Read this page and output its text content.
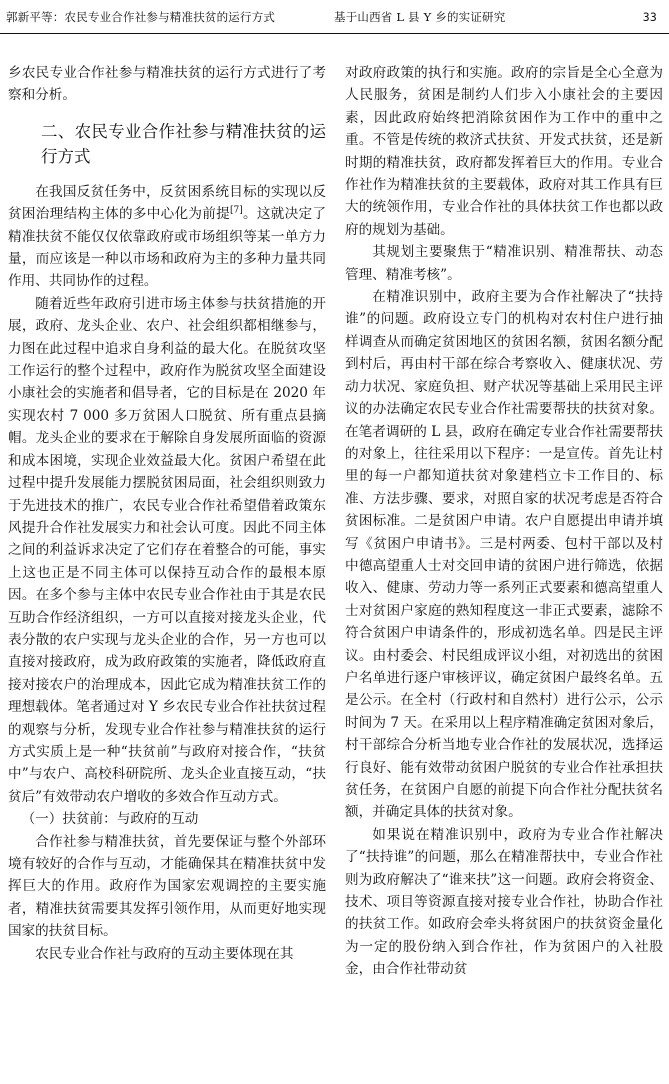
郭新平等：农民专业合作社参与精准扶贫的运行方式	基于山西省 L 县 Y 乡的实证研究	33

乡农民专业合作社参与精准扶贫的运行方式进行了考察和分析。

二、农民专业合作社参与精准扶贫的运行方式

在我国反贫任务中，反贫困系统目标的实现以反贫困治理结构主体的多中心化为前提[7]。这就决定了精准扶贫不能仅仅依靠政府或市场组织等某一单方力量，而应该是一种以市场和政府为主的多种力量共同作用、共同协作的过程。

随着近些年政府引进市场主体参与扶贫措施的开展，政府、龙头企业、农户、社会组织都相继参与，力图在此过程中追求自身利益的最大化。在脱贫攻坚工作运行的整个过程中，政府作为脱贫攻坚全面建设小康社会的实施者和倡导者，它的目标是在 2020 年实现农村 7 000 多万贫困人口脱贫、所有重点县摘帽。龙头企业的要求在于解除自身发展所面临的资源和成本困境，实现企业效益最大化。贫困户希望在此过程中提升发展能力摆脱贫困局面，社会组织则致力于先进技术的推广，农民专业合作社希望借着政策东风提升合作社发展实力和社会认可度。因此不同主体之间的利益诉求决定了它们存在着整合的可能，事实上这也正是不同主体可以保持互动合作的最根本原因。在多个参与主体中农民专业合作社由于其是农民互助合作经济组织，一方可以直接对接龙头企业，代表分散的农户实现与龙头企业的合作，另一方也可以直接对接政府，成为政府政策的实施者，降低政府直接对接农户的治理成本，因此它成为精准扶贫工作的理想载体。笔者通过对 Y 乡农民专业合作社扶贫过程的观察与分析，发现专业合作社参与精准扶贫的运行方式实质上是一种“扶贫前”与政府对接合作，“扶贫中”与农户、高校科研院所、龙头企业直接互动，“扶贫后”有效带动农户增收的多效合作互动方式。

（一）扶贫前：与政府的互动

合作社参与精准扶贫，首先要保证与整个外部环境有较好的合作与互动，才能确保其在精准扶贫中发挥巨大的作用。政府作为国家宏观调控的主要实施者，精准扶贫需要其发挥引领作用，从而更好地实现国家的扶贫目标。

农民专业合作社与政府的互动主要体现在其

对政府政策的执行和实施。政府的宗旨是全心全意为人民服务，贫困是制约人们步入小康社会的主要因素，因此政府始终把消除贫困作为工作中的重中之重。不管是传统的救济式扶贫、开发式扶贫，还是新时期的精准扶贫，政府都发挥着巨大的作用。专业合作社作为精准扶贫的主要载体，政府对其工作具有巨大的统领作用，专业合作社的具体扶贫工作也都以政府的规划为基础。

其规划主要聚焦于“精准识别、精准帮扶、动态管理、精准考核”。

在精准识别中，政府主要为合作社解决了“扶持谁”的问题。政府设立专门的机构对农村住户进行抽样调查从而确定贫困地区的贫困名额，贫困名额分配到村后，再由村干部在综合考察收入、健康状况、劳动力状况、家庭负担、财产状况等基础上采用民主评议的办法确定农民专业合作社需要帮扶的扶贫对象。在笔者调研的 L 县，政府在确定专业合作社需要帮扶的对象上，往往采用以下程序：一是宣传。首先让村里的每一户都知道扶贫对象建档立卡工作目的、标准、方法步骤、要求，对照自家的状况考虑是否符合贫困标准。二是贫困户申请。农户自愿提出申请并填写《贫困户申请书》。三是村两委、包村干部以及村中德高望重人士对交回申请的贫困户进行筛选，依据收入、健康、劳动力等一系列正式要素和德高望重人士对贫困户家庭的熟知程度这一非正式要素，滤除不符合贫困户申请条件的，形成初选名单。四是民主评议。由村委会、村民组成评议小组，对初选出的贫困户名单进行逐户审核评议，确定贫困户最终名单。五是公示。在全村（行政村和自然村）进行公示，公示时间为 7 天。在采用以上程序精准确定贫困对象后，村干部综合分析当地专业合作社的发展状况，选择运行良好、能有效带动贫困户脱贫的专业合作社承担扶贫任务，在贫困户自愿的前提下向合作社分配扶贫名额，并确定具体的扶贫对象。

如果说在精准识别中，政府为专业合作社解决了“扶持谁”的问题，那么在精准帮扶中，专业合作社则为政府解决了“谁来扶”这一问题。政府会将资金、技术、项目等资源直接对接专业合作社，协助合作社的扶贫工作。如政府会牵头将贫困户的扶贫资金量化为一定的股份纳入到合作社，作为贫困户的入社股金，由合作社带动贫
